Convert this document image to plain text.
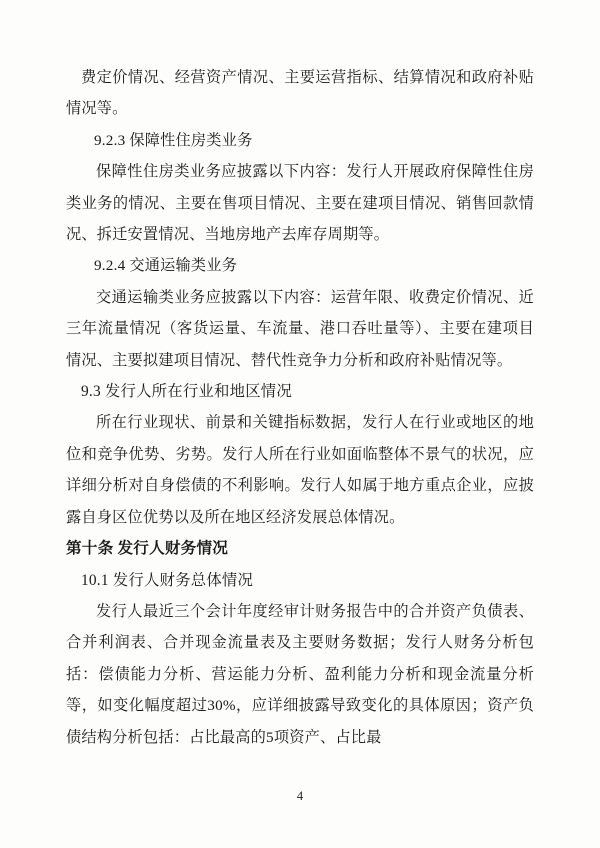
费定价情况、经营资产情况、主要运营指标、结算情况和政府补贴情况等。

9.2.3 保障性住房类业务

保障性住房类业务应披露以下内容：发行人开展政府保障性住房类业务的情况、主要在售项目情况、主要在建项目情况、销售回款情况、拆迁安置情况、当地房地产去库存周期等。

9.2.4 交通运输类业务

交通运输类业务应披露以下内容：运营年限、收费定价情况、近三年流量情况（客货运量、车流量、港口吞吐量等）、主要在建项目情况、主要拟建项目情况、替代性竞争力分析和政府补贴情况等。

9.3 发行人所在行业和地区情况

所在行业现状、前景和关键指标数据，发行人在行业或地区的地位和竞争优势、劣势。发行人所在行业如面临整体不景气的状况，应详细分析对自身偿债的不利影响。发行人如属于地方重点企业，应披露自身区位优势以及所在地区经济发展总体情况。

第十条 发行人财务情况

10.1 发行人财务总体情况

发行人最近三个会计年度经审计财务报告中的合并资产负债表、合并利润表、合并现金流量表及主要财务数据；发行人财务分析包括：偿债能力分析、营运能力分析、盈利能力分析和现金流量分析等，如变化幅度超过30%，应详细披露导致变化的具体原因；资产负债结构分析包括：占比最高的5项资产、占比最

4
